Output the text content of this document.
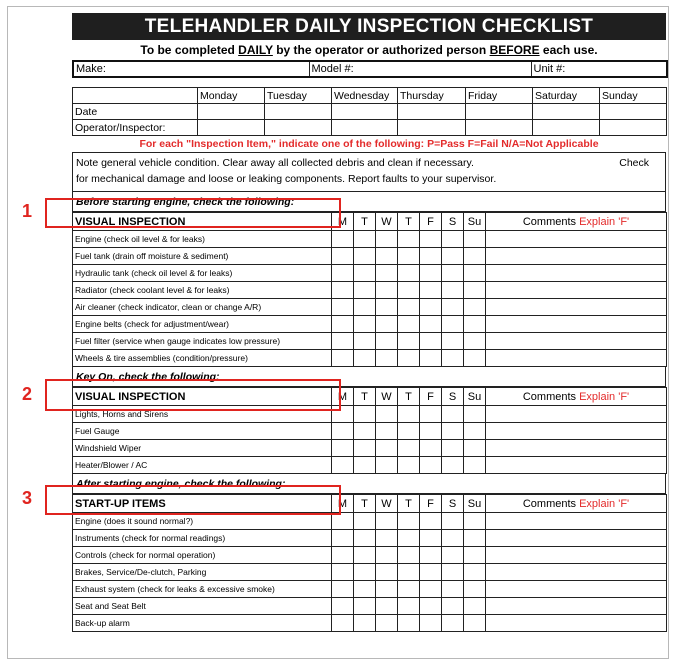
TELEHANDLER DAILY INSPECTION CHECKLIST
To be completed DAILY by the operator or authorized person BEFORE each use.
Make:	Model #:	Unit #:
	Monday	Tuesday	Wednesday	Thursday	Friday	Saturday	Sunday
Date							
Operator/Inspector:							
For each "Inspection Item," indicate one of the following: P=Pass F=Fail N/A=Not Applicable
Note general vehicle condition. Clear away all collected debris and clean if necessary.	Check
for mechanical damage and loose or leaking components. Report faults to your supervisor.
Before starting engine, check the following:
VISUAL INSPECTION	M	T	W	T	F	S	Su	Comments Explain 'F'
Engine (check oil level & for leaks)								
Fuel tank (drain off moisture & sediment)								
Hydraulic tank (check oil level & for leaks)								
Radiator (check coolant level & for leaks)								
Air cleaner (check indicator, clean or change A/R)								
Engine belts (check for adjustment/wear)								
Fuel filter (service when gauge indicates low pressure)								
Wheels & tire assemblies (condition/pressure)								
Key On, check the following:
VISUAL INSPECTION	M	T	W	T	F	S	Su	Comments Explain 'F'
Lights, Horns and Sirens								
Fuel Gauge								
Windshield Wiper								
Heater/Blower / AC								
After starting engine, check the following:
START-UP ITEMS	M	T	W	T	F	S	Su	Comments Explain 'F'
Engine (does it sound normal?)								
Instruments (check for normal readings)								
Controls (check for normal operation)								
Brakes, Service/De-clutch, Parking								
Exhaust system (check for leaks & excessive smoke)								
Seat and Seat Belt								
Back-up alarm								
1
2
3
